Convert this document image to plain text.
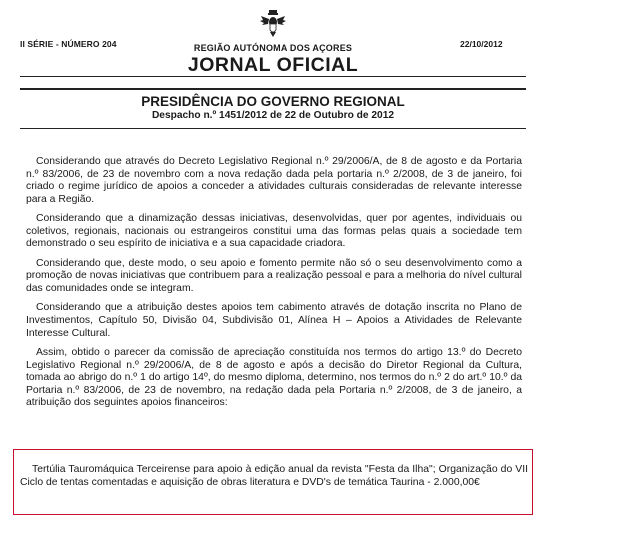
II SÉRIE - NÚMERO 204	REGIÃO AUTÓNOMA DOS AÇORES	22/10/2012
JORNAL OFICIAL
PRESIDÊNCIA DO GOVERNO REGIONAL
Despacho n.º 1451/2012 de 22 de Outubro de 2012

Considerando que através do Decreto Legislativo Regional n.º 29/2006/A, de 8 de agosto e da Portaria n.º 83/2006, de 23 de novembro com a nova redação dada pela portaria n.º 2/2008, de 3 de janeiro, foi criado o regime jurídico de apoios a conceder a atividades culturais consideradas de relevante interesse para a Região.

Considerando que a dinamização dessas iniciativas, desenvolvidas, quer por agentes, individuais ou coletivos, regionais, nacionais ou estrangeiros constitui uma das formas pelas quais a sociedade tem demonstrado o seu espírito de iniciativa e a sua capacidade criadora.

Considerando que, deste modo, o seu apoio e fomento permite não só o seu desenvolvimento como a promoção de novas iniciativas que contribuem para a realização pessoal e para a melhoria do nível cultural das comunidades onde se integram.

Considerando que a atribuição destes apoios tem cabimento através de dotação inscrita no Plano de Investimentos, Capítulo 50, Divisão 04, Subdivisão 01, Alínea H – Apoios a Atividades de Relevante Interesse Cultural.

Assim, obtido o parecer da comissão de apreciação constituída nos termos do artigo 13.º do Decreto Legislativo Regional n.º 29/2006/A, de 8 de agosto e após a decisão do Diretor Regional da Cultura, tomada ao abrigo do n.º 1 do artigo 14º, do mesmo diploma, determino, nos termos do n.º 2 do art.º 10.º da Portaria n.º 83/2006, de 23 de novembro, na redação dada pela Portaria n.º 2/2008, de 3 de janeiro, a atribuição dos seguintes apoios financeiros:

Tertúlia Tauromáquica Terceirense para apoio à edição anual da revista "Festa da Ilha"; Organização do VII Ciclo de tentas comentadas e aquisição de obras literatura e DVD's de temática Taurina - 2.000,00€
